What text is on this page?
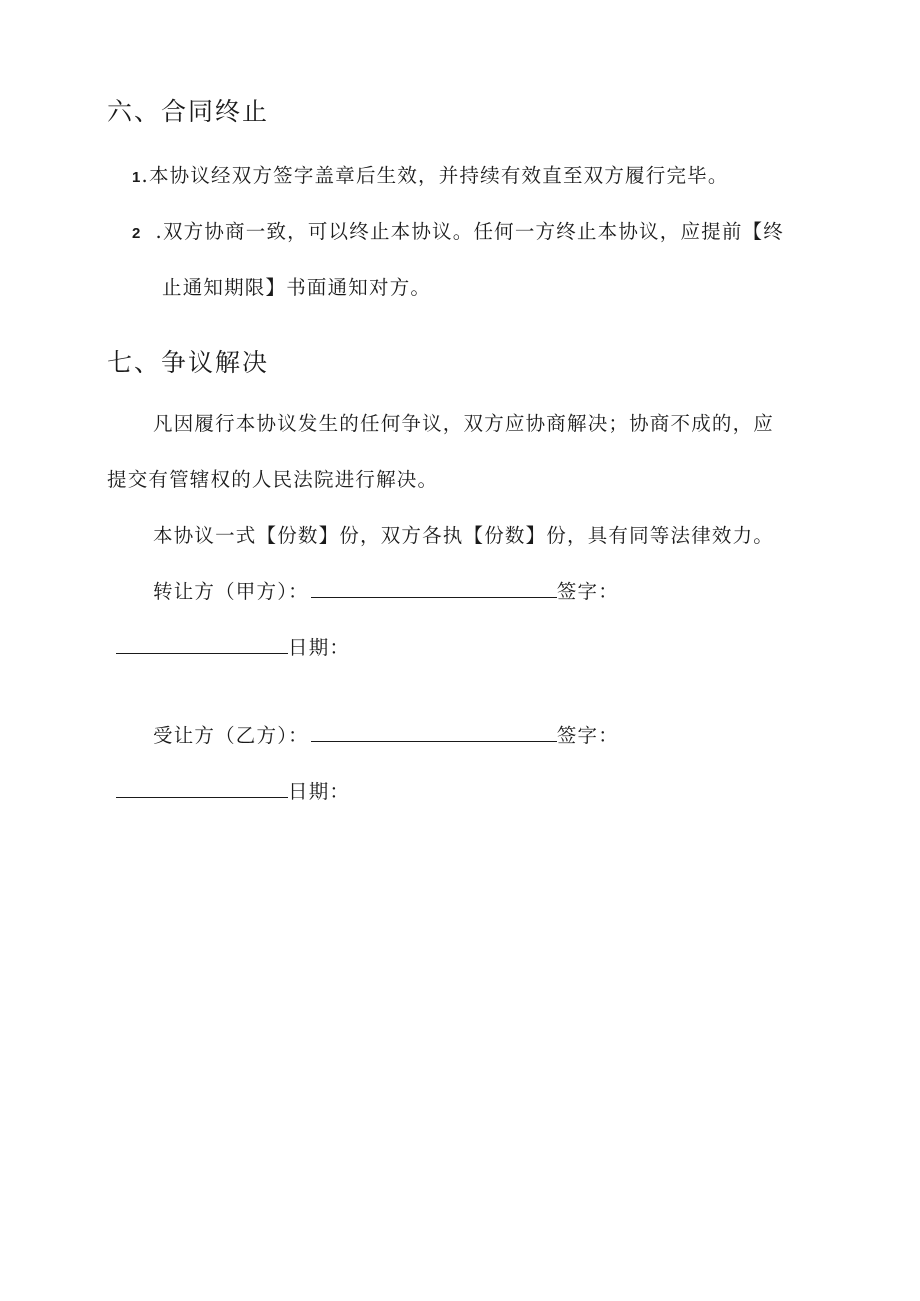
六、合同终止
1.本协议经双方签字盖章后生效，并持续有效直至双方履行完毕。
2 .双方协商一致，可以终止本协议。任何一方终止本协议，应提前【终
止通知期限】书面通知对方。
七、争议解决
凡因履行本协议发生的任何争议，双方应协商解决；协商不成的，应
提交有管辖权的人民法院进行解决。
本协议一式【份数】份，双方各执【份数】份，具有同等法律效力。
转让方（甲方）：	签字：
日期：
受让方（乙方）：	签字：
日期：
